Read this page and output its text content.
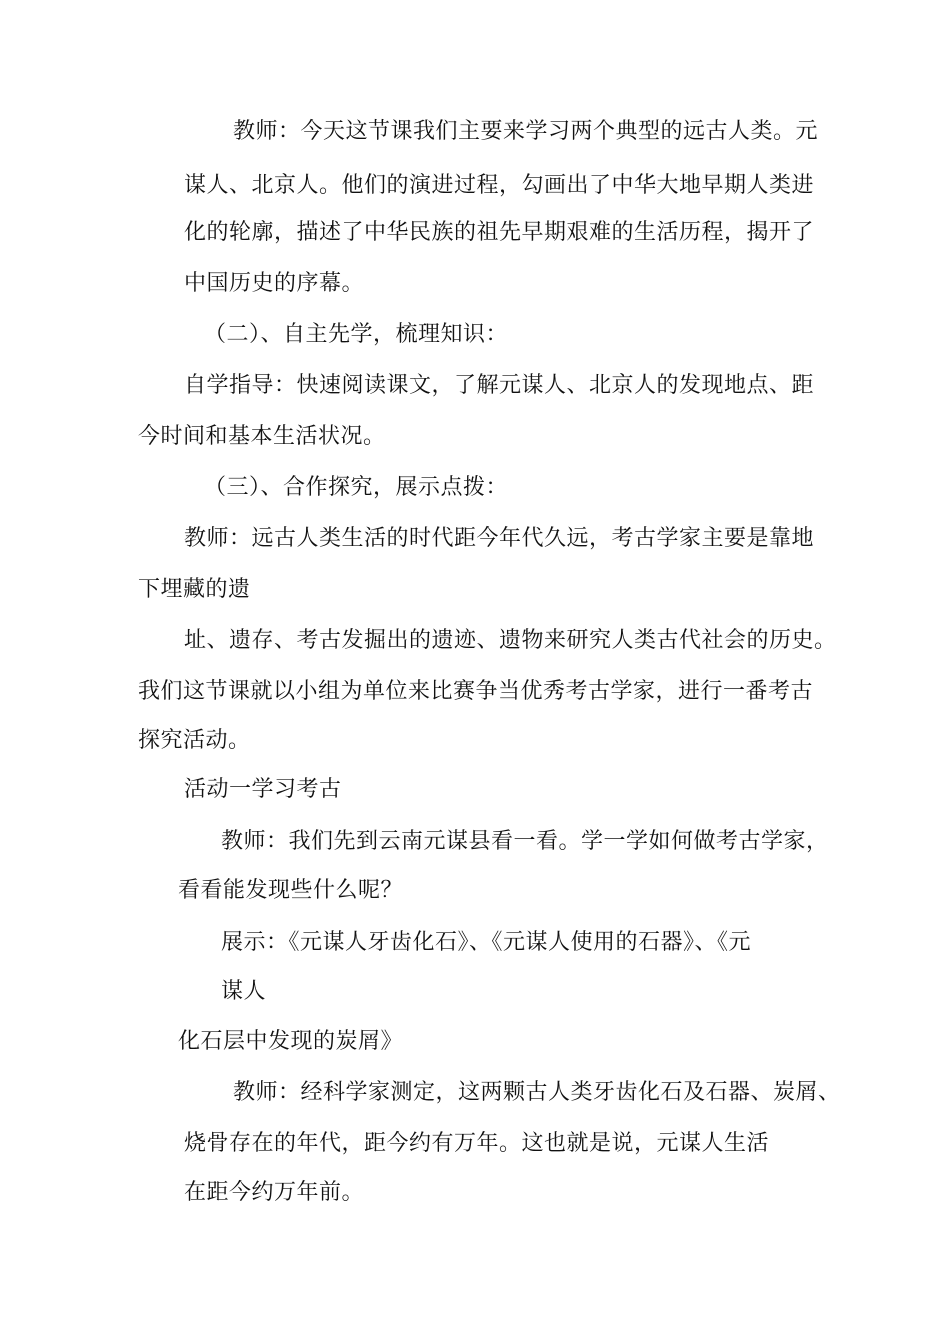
教师：今天这节课我们主要来学习两个典型的远古人类。元
谋人、北京人。他们的演进过程，勾画出了中华大地早期人类进
化的轮廓，描述了中华民族的祖先早期艰难的生活历程，揭开了
中国历史的序幕。
（二）、自主先学，梳理知识：
自学指导：快速阅读课文，了解元谋人、北京人的发现地点、距
今时间和基本生活状况。
（三）、合作探究，展示点拨：
教师：远古人类生活的时代距今年代久远，考古学家主要是靠地
下埋藏的遗
址、遗存、考古发掘出的遗迹、遗物来研究人类古代社会的历史。
我们这节课就以小组为单位来比赛争当优秀考古学家，进行一番考古
探究活动。
活动一学习考古
教师：我们先到云南元谋县看一看。学一学如何做考古学家，
看看能发现些什么呢？
展示：《元谋人牙齿化石》、《元谋人使用的石器》、《元
谋人
化石层中发现的炭屑》
教师：经科学家测定，这两颗古人类牙齿化石及石器、炭屑、
烧骨存在的年代，距今约有万年。这也就是说，元谋人生活
在距今约万年前。
